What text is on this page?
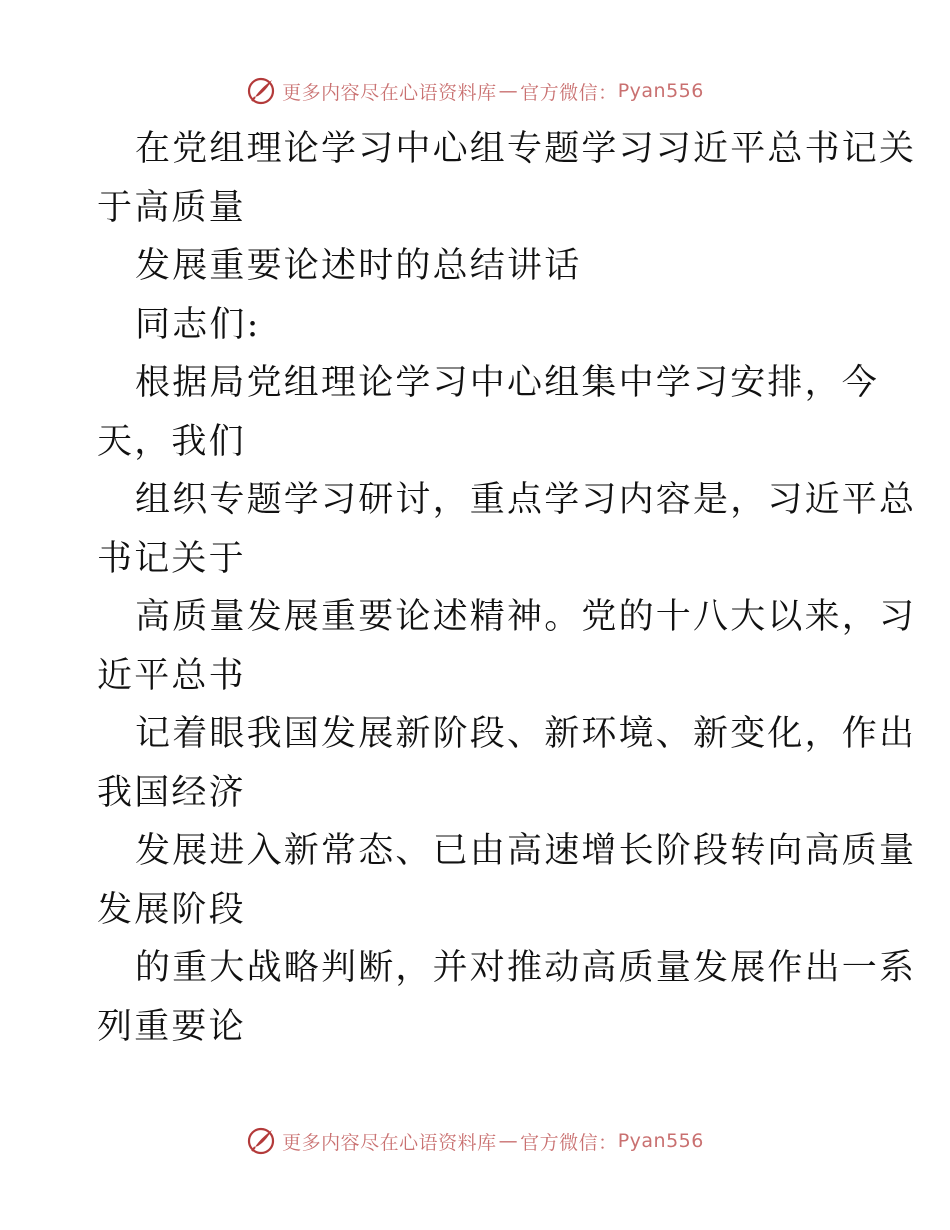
更多内容尽在心语资料库 — 官方微信： Pyan556
在党组理论学习中心组专题学习习近平总书记关
于高质量
发展重要论述时的总结讲话
同志们:
根据局党组理论学习中心组集中学习安排，今
天，我们
组织专题学习研讨，重点学习内容是，习近平总
书记关于
高质量发展重要论述精神。党的十八大以来，习
近平总书
记着眼我国发展新阶段、新环境、新变化，作出
我国经济
发展进入新常态、已由高速增长阶段转向高质量
发展阶段
的重大战略判断，并对推动高质量发展作出一系
列重要论
更多内容尽在心语资料库 — 官方微信： Pyan556
